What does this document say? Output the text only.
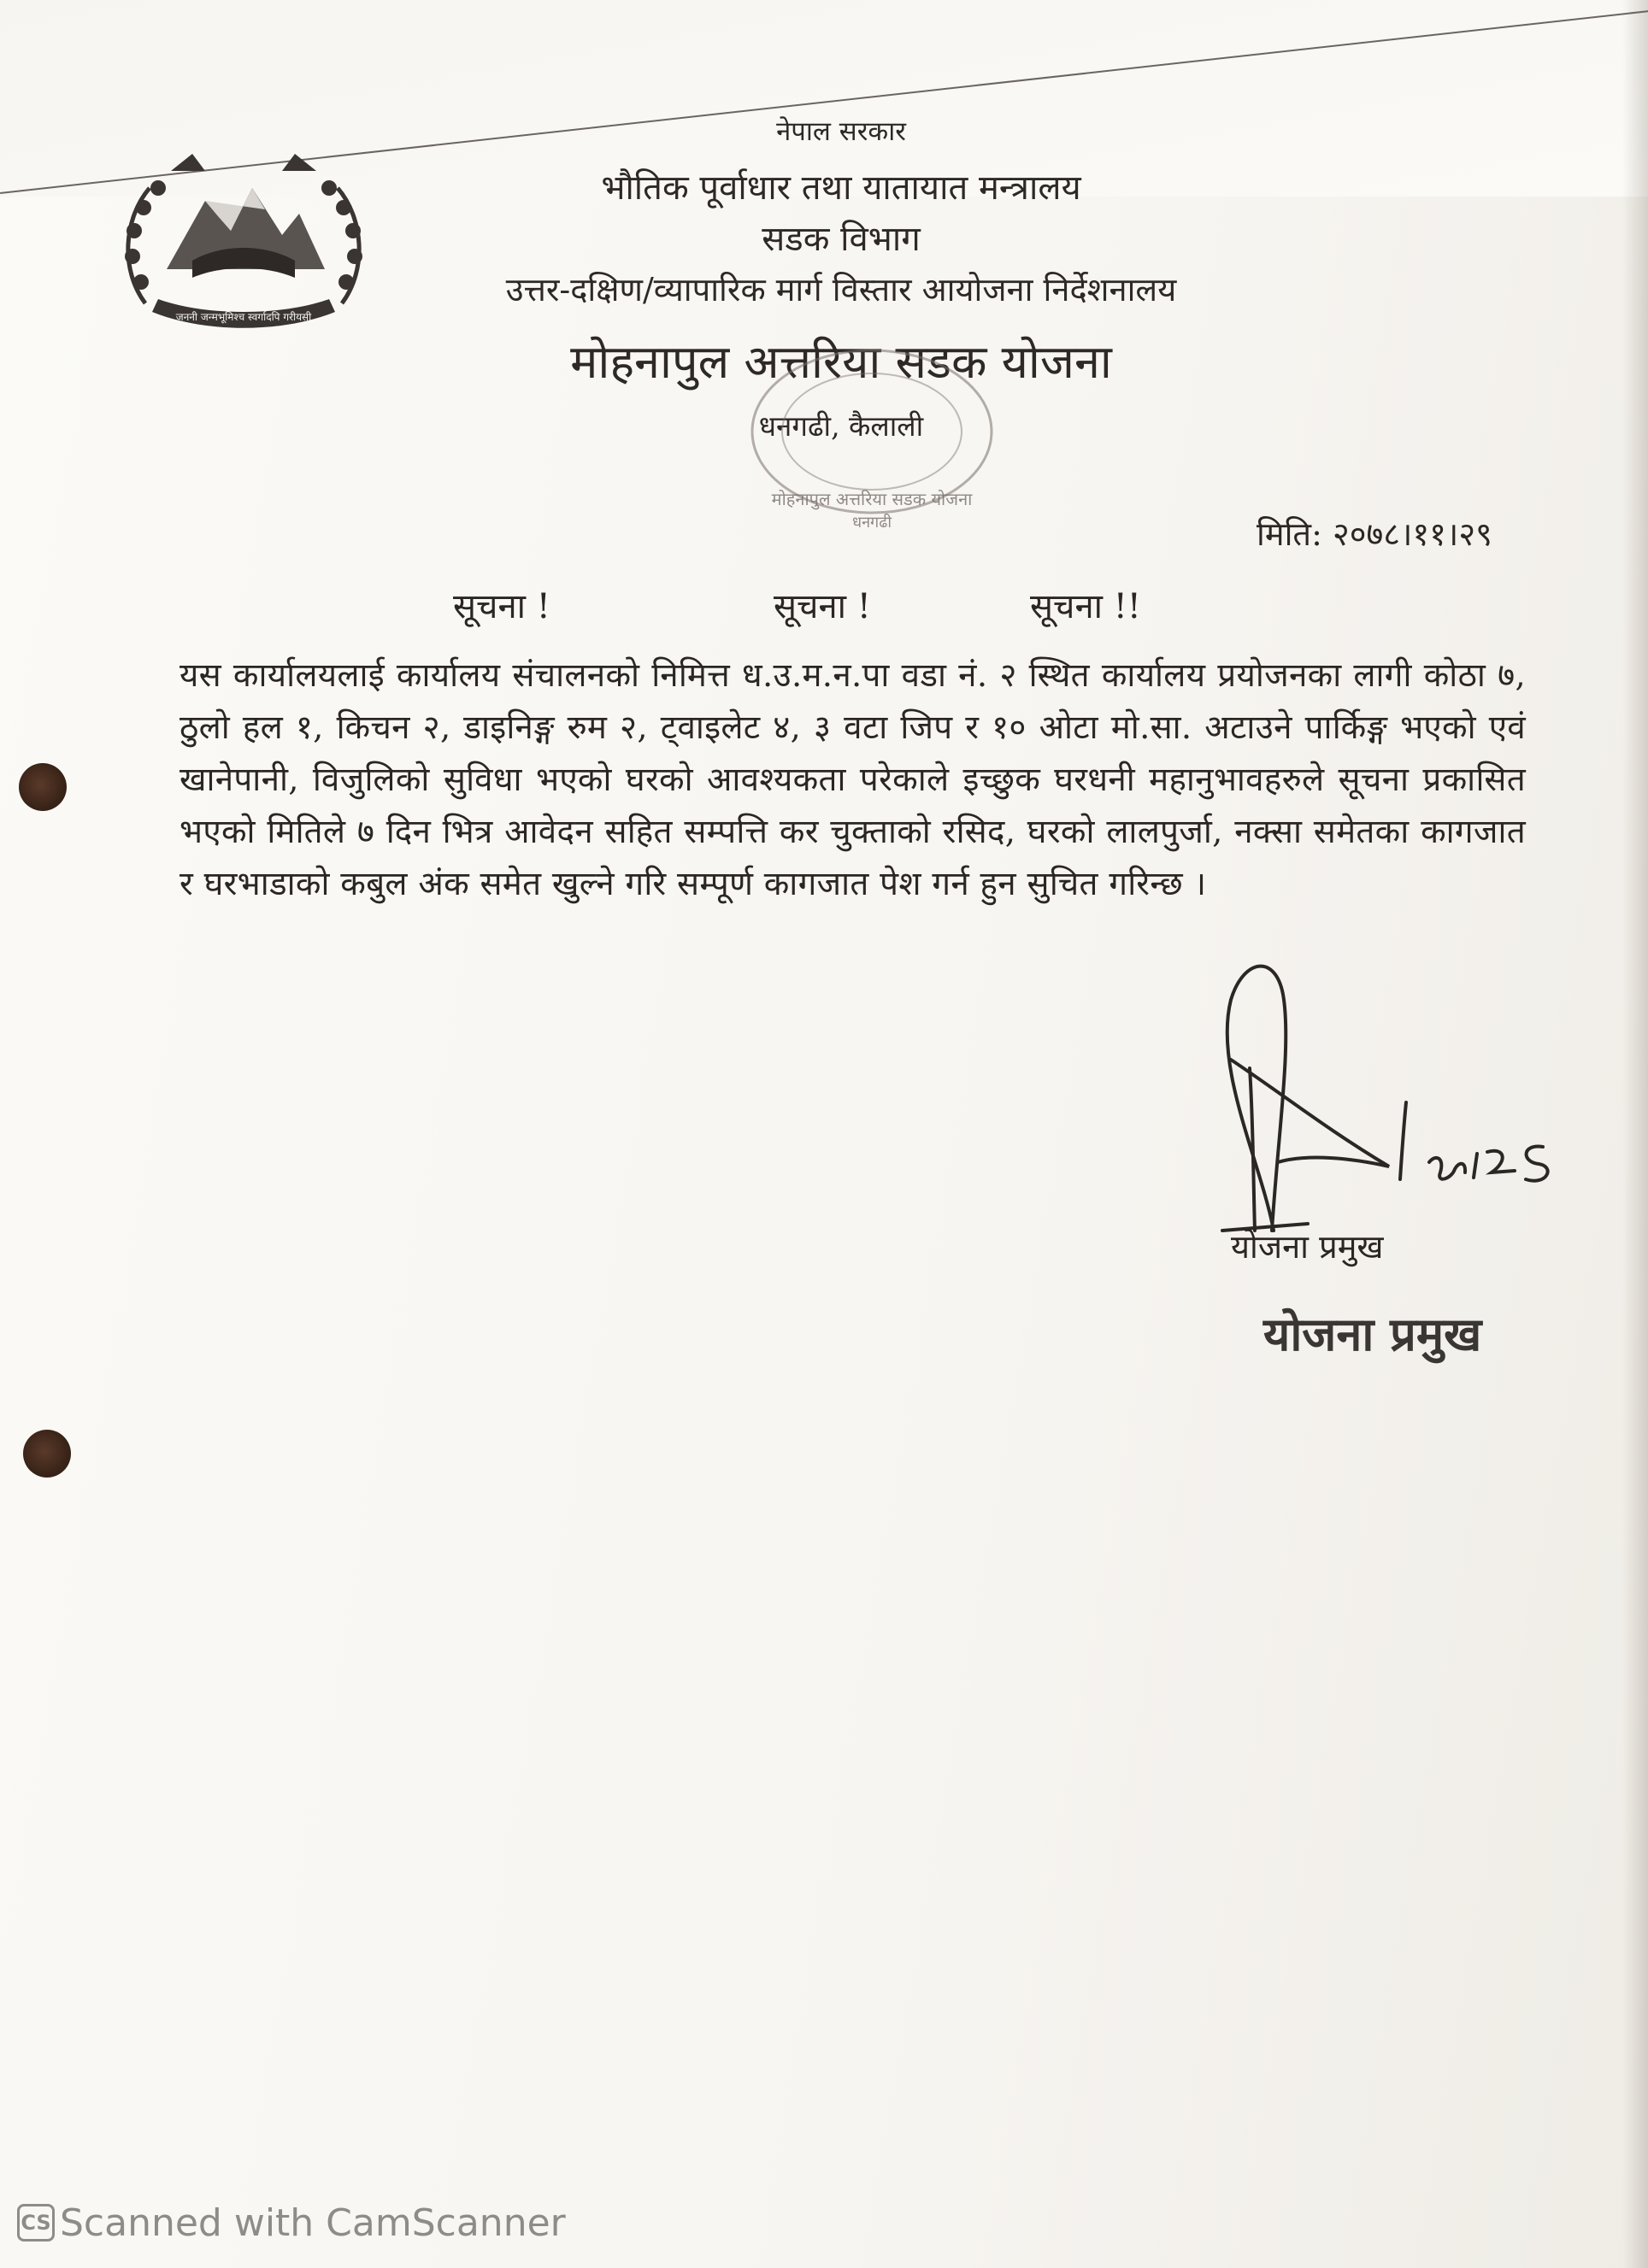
जननी जन्मभूमिश्च स्वर्गादपि गरीयसी
नेपाल सरकार
भौतिक पूर्वाधार तथा यातायात मन्त्रालय
सडक विभाग
उत्तर-दक्षिण/व्यापारिक मार्ग विस्तार आयोजना निर्देशनालय
मोहनापुल अत्तरिया सडक योजना
धनगढी, कैलाली
मोहनापुल अत्तरिया सडक योजना
धनगढी	मिति: २०७८।११।२९
सूचना !	सूचना !	सूचना !!
यस कार्यालयलाई कार्यालय संचालनको निमित्त ध.उ.म.न.पा वडा नं. २ स्थित कार्यालय प्रयोजनका लागी कोठा ७, ठुलो हल १, किचन २, डाइनिङ्ग रुम २, ट्वाइलेट ४, ३ वटा जिप र १० ओटा मो.सा. अटाउने पार्किङ्ग भएको एवं खानेपानी, विजुलिको सुविधा भएको घरको आवश्यकता परेकाले इच्छुक घरधनी महानुभावहरुले सूचना प्रकासित भएको मितिले ७ दिन भित्र आवेदन सहित सम्पत्ति कर चुक्ताको रसिद, घरको लालपुर्जा, नक्सा समेतका कागजात र घरभाडाको कबुल अंक समेत खुल्ने गरि सम्पूर्ण कागजात पेश गर्न हुन सुचित गरिन्छ ।
११।२९
योजना प्रमुख
योजना प्रमुख
CS Scanned with CamScanner
